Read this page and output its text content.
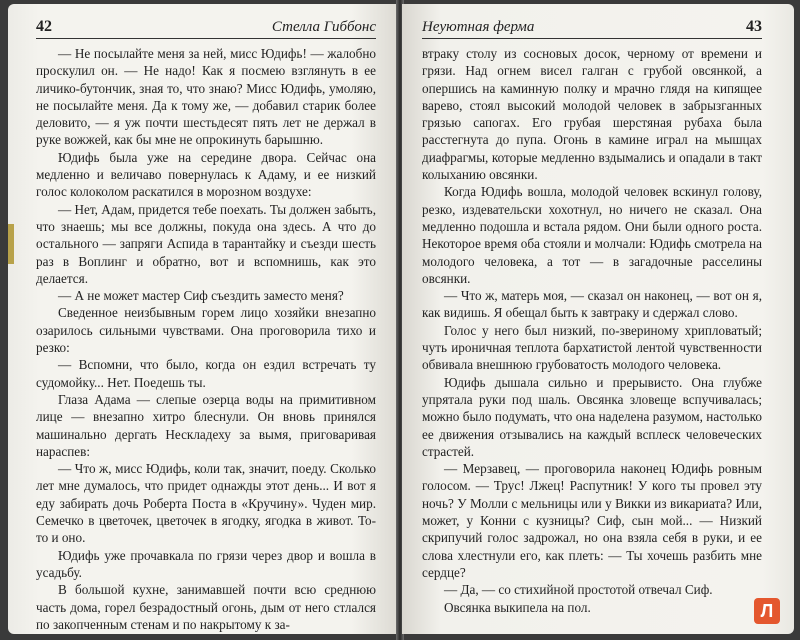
42	Стелла Гиббонс

— Не посылайте меня за ней, мисс Юдифь! — жалобно проскулил он. — Не надо! Как я посмею взглянуть в ее личико-бутончик, зная то, что знаю? Мисс Юдифь, умоляю, не посылайте меня. Да к тому же, — добавил старик более деловито, — я уж почти шестьдесят пять лет не держал в руке вожжей, как бы мне не опрокинуть барышню.

Юдифь была уже на середине двора. Сейчас она медленно и величаво повернулась к Адаму, и ее низкий голос колоколом раскатился в морозном воздухе:

— Нет, Адам, придется тебе поехать. Ты должен забыть, что знаешь; мы все должны, покуда она здесь. А что до остального — запряги Аспида в тарантайку и съезди шесть раз в Воплинг и обратно, вот и вспомнишь, как это делается.

— А не может мастер Сиф съездить заместо меня?

Сведенное неизбывным горем лицо хозяйки внезапно озарилось сильными чувствами. Она проговорила тихо и резко:

— Вспомни, что было, когда он ездил встречать ту судомойку... Нет. Поедешь ты.

Глаза Адама — слепые озерца воды на примитивном лице — внезапно хитро блеснули. Он вновь принялся машинально дергать Нескладеху за вымя, приговаривая нараспев:

— Что ж, мисс Юдифь, коли так, значит, поеду. Сколько лет мне думалось, что придет однажды этот день... И вот я еду забирать дочь Роберта Поста в «Кручину». Чуден мир. Семечко в цветочек, цветочек в ягодку, ягодка в живот. То-то и оно.

Юдифь уже прочавкала по грязи через двор и вошла в усадьбу.

В большой кухне, занимавшей почти всю среднюю часть дома, горел безрадостный огонь, дым от него стлался по закопченным стенам и по накрытому к за-

Неуютная ферма	43

втраку столу из сосновых досок, черному от времени и грязи. Над огнем висел галган с грубой овсянкой, а опершись на каминную полку и мрачно глядя на кипящее варево, стоял высокий молодой человек в забрызганных грязью сапогах. Его грубая шерстяная рубаха была расстегнута до пупа. Огонь в камине играл на мышцах диафрагмы, которые медленно вздымались и опадали в такт колыханию овсянки.

Когда Юдифь вошла, молодой человек вскинул голову, резко, издевательски хохотнул, но ничего не сказал. Она медленно подошла и встала рядом. Они были одного роста. Некоторое время оба стояли и молчали: Юдифь смотрела на молодого человека, а тот — в загадочные расселины овсянки.

— Что ж, матерь моя, — сказал он наконец, — вот он я, как видишь. Я обещал быть к завтраку и сдержал слово.

Голос у него был низкий, по-звериному хрипловатый; чуть ироничная теплота бархатистой лентой чувственности обвивала внешнюю грубоватость молодого человека.

Юдифь дышала сильно и прерывисто. Она глубже упрятала руки под шаль. Овсянка зловеще вспучивалась; можно было подумать, что она наделена разумом, настолько ее движения отзывались на каждый всплеск человеческих страстей.

— Мерзавец, — проговорила наконец Юдифь ровным голосом. — Трус! Лжец! Распутник! У кого ты провел эту ночь? У Молли с мельницы или у Викки из викариата? Или, может, у Конни с кузницы? Сиф, сын мой... — Низкий скрипучий голос задрожал, но она взяла себя в руки, и ее слова хлестнули его, как плеть: — Ты хочешь разбить мне сердце?

— Да, — со стихийной простотой отвечал Сиф.

Овсянка выкипела на пол.	Л
